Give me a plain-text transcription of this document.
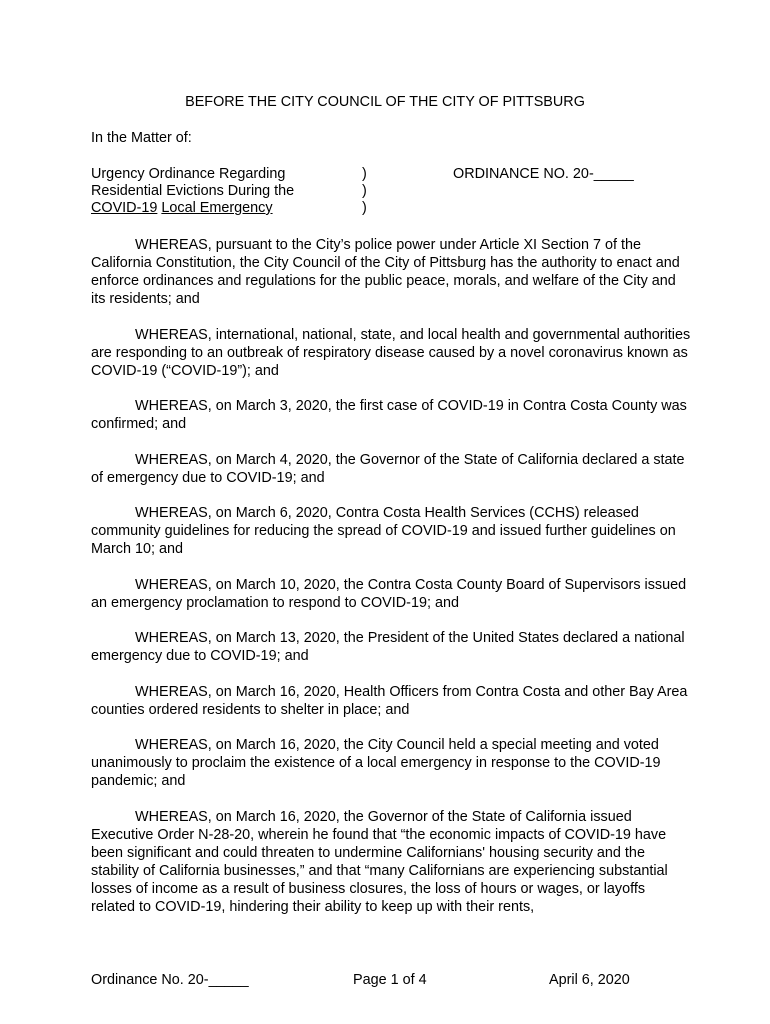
BEFORE THE CITY COUNCIL OF THE CITY OF PITTSBURG
In the Matter of:
Urgency Ordinance Regarding
Residential Evictions During the
COVID-19 Local Emergency
)
)
)
ORDINANCE NO. 20-_____

WHEREAS, pursuant to the City’s police power under Article XI Section 7 of the California Constitution, the City Council of the City of Pittsburg has the authority to enact and enforce ordinances and regulations for the public peace, morals, and welfare of the City and its residents; and

WHEREAS, international, national, state, and local health and governmental authorities are responding to an outbreak of respiratory disease caused by a novel coronavirus known as COVID-19 (“COVID-19”); and

WHEREAS, on March 3, 2020, the first case of COVID-19 in Contra Costa County was confirmed; and

WHEREAS, on March 4, 2020, the Governor of the State of California declared a state of emergency due to COVID-19; and

WHEREAS, on March 6, 2020, Contra Costa Health Services (CCHS) released community guidelines for reducing the spread of COVID-19 and issued further guidelines on March 10; and

WHEREAS, on March 10, 2020, the Contra Costa County Board of Supervisors issued an emergency proclamation to respond to COVID-19; and

WHEREAS, on March 13, 2020, the President of the United States declared a national emergency due to COVID-19; and

WHEREAS, on March 16, 2020, Health Officers from Contra Costa and other Bay Area counties ordered residents to shelter in place; and

WHEREAS, on March 16, 2020, the City Council held a special meeting and voted unanimously to proclaim the existence of a local emergency in response to the COVID-19 pandemic; and

WHEREAS, on March 16, 2020, the Governor of the State of California issued Executive Order N-28-20, wherein he found that “the economic impacts of COVID-19 have been significant and could threaten to undermine Californians' housing security and the stability of California businesses,” and that “many Californians are experiencing substantial losses of income as a result of business closures, the loss of hours or wages, or layoffs related to COVID-19, hindering their ability to keep up with their rents,

Ordinance No. 20-_____	Page 1 of 4	April 6, 2020
